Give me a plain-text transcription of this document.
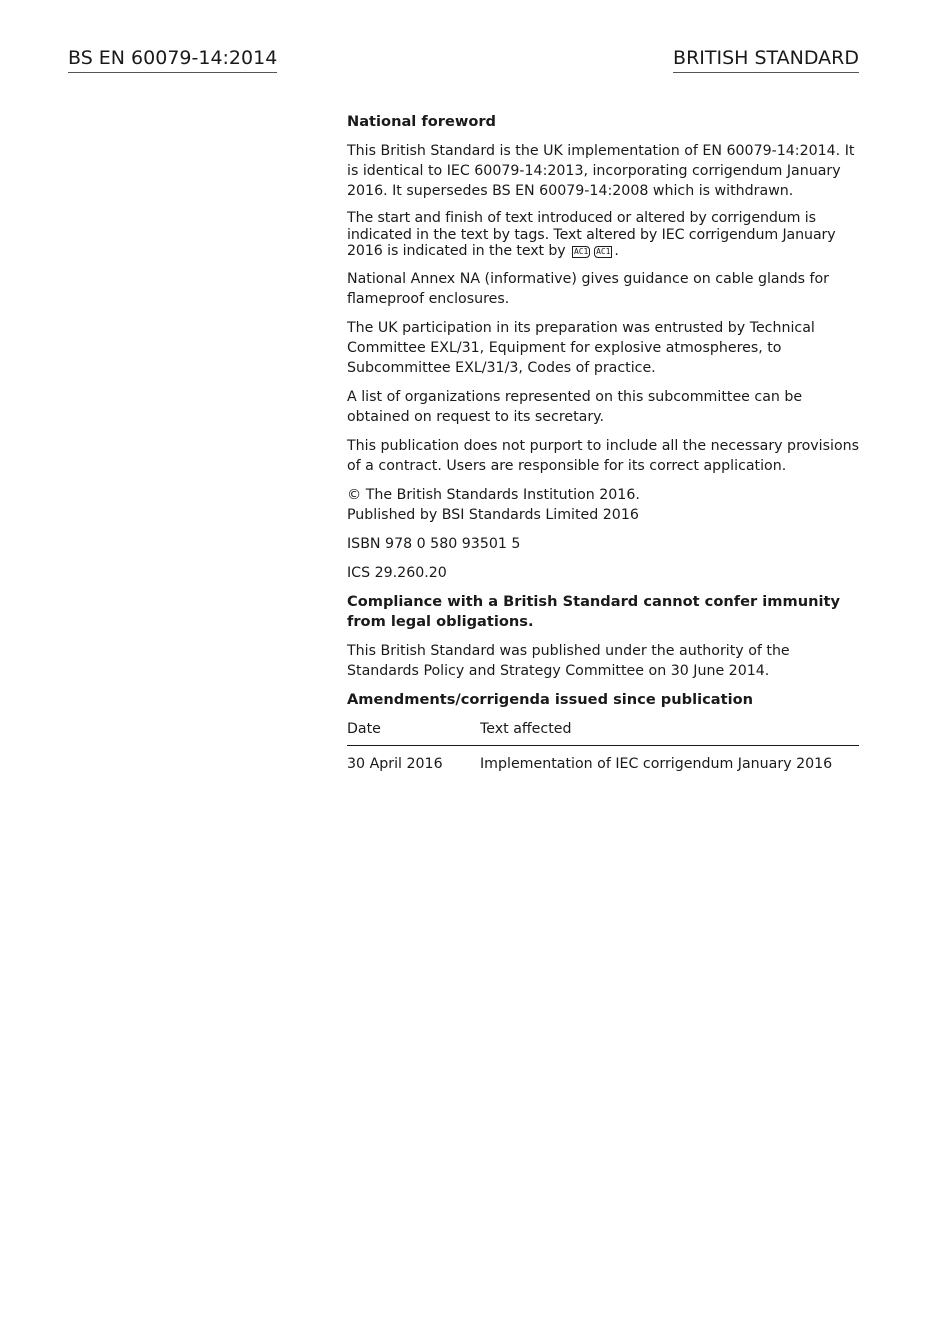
BS EN 60079-14:2014	BRITISH STANDARD
National foreword
This British Standard is the UK implementation of EN 60079-14:2014. It is identical to IEC 60079-14:2013, incorporating corrigendum January 2016. It supersedes BS EN 60079-14:2008 which is withdrawn.
The start and finish of text introduced or altered by corrigendum is indicated in the text by tags. Text altered by IEC corrigendum January 2016 is indicated in the text by AC1 AC1 .
National Annex NA (informative) gives guidance on cable glands for flameproof enclosures.
The UK participation in its preparation was entrusted by Technical Committee EXL/31, Equipment for explosive atmospheres, to Subcommittee EXL/31/3, Codes of practice.
A list of organizations represented on this subcommittee can be obtained on request to its secretary.
This publication does not purport to include all the necessary provisions of a contract. Users are responsible for its correct application.
© The British Standards Institution 2016.
Published by BSI Standards Limited 2016
ISBN 978 0 580 93501 5
ICS 29.260.20
Compliance with a British Standard cannot confer immunity from legal obligations.
This British Standard was published under the authority of the Standards Policy and Strategy Committee on 30 June 2014.
Amendments/corrigenda issued since publication
Date	Text affected
30 April 2016	Implementation of IEC corrigendum January 2016
